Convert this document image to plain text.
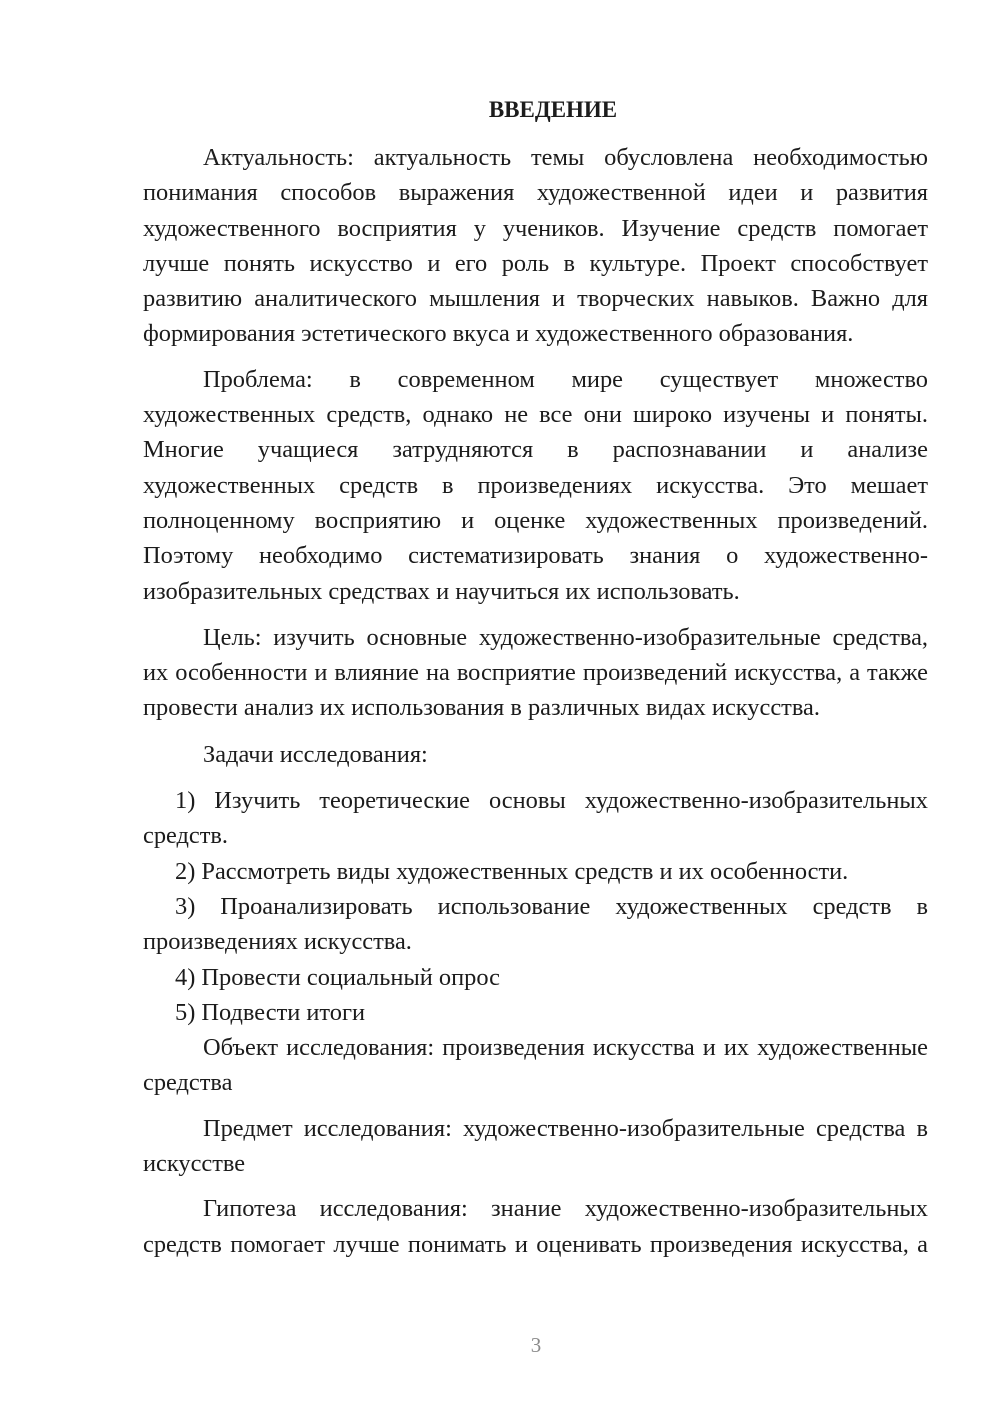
ВВЕДЕНИЕ

Актуальность: актуальность темы обусловлена необходимостью понимания способов выражения художественной идеи и развития художественного восприятия у учеников. Изучение средств помогает лучше понять искусство и его роль в культуре. Проект способствует развитию аналитического мышления и творческих навыков. Важно для формирования эстетического вкуса и художественного образования.

Проблема: в современном мире существует множество художественных средств, однако не все они широко изучены и поняты. Многие учащиеся затрудняются в распознавании и анализе художественных средств в произведениях искусства. Это мешает полноценному восприятию и оценке художественных произведений. Поэтому необходимо систематизировать знания о художественно-изобразительных средствах и научиться их использовать.

Цель: изучить основные художественно-изобразительные средства, их особенности и влияние на восприятие произведений искусства, а также провести анализ их использования в различных видах искусства.

Задачи исследования:

1) Изучить теоретические основы художественно-изобразительных средств.

2) Рассмотреть виды художественных средств и их особенности.

3) Проанализировать использование художественных средств в произведениях искусства.

4) Провести социальный опрос

5) Подвести итоги

Объект исследования: произведения искусства и их художественные средства

Предмет исследования: художественно-изобразительные средства в искусстве

Гипотеза исследования: знание художественно-изобразительных средств помогает лучше понимать и оценивать произведения искусства, а

3
